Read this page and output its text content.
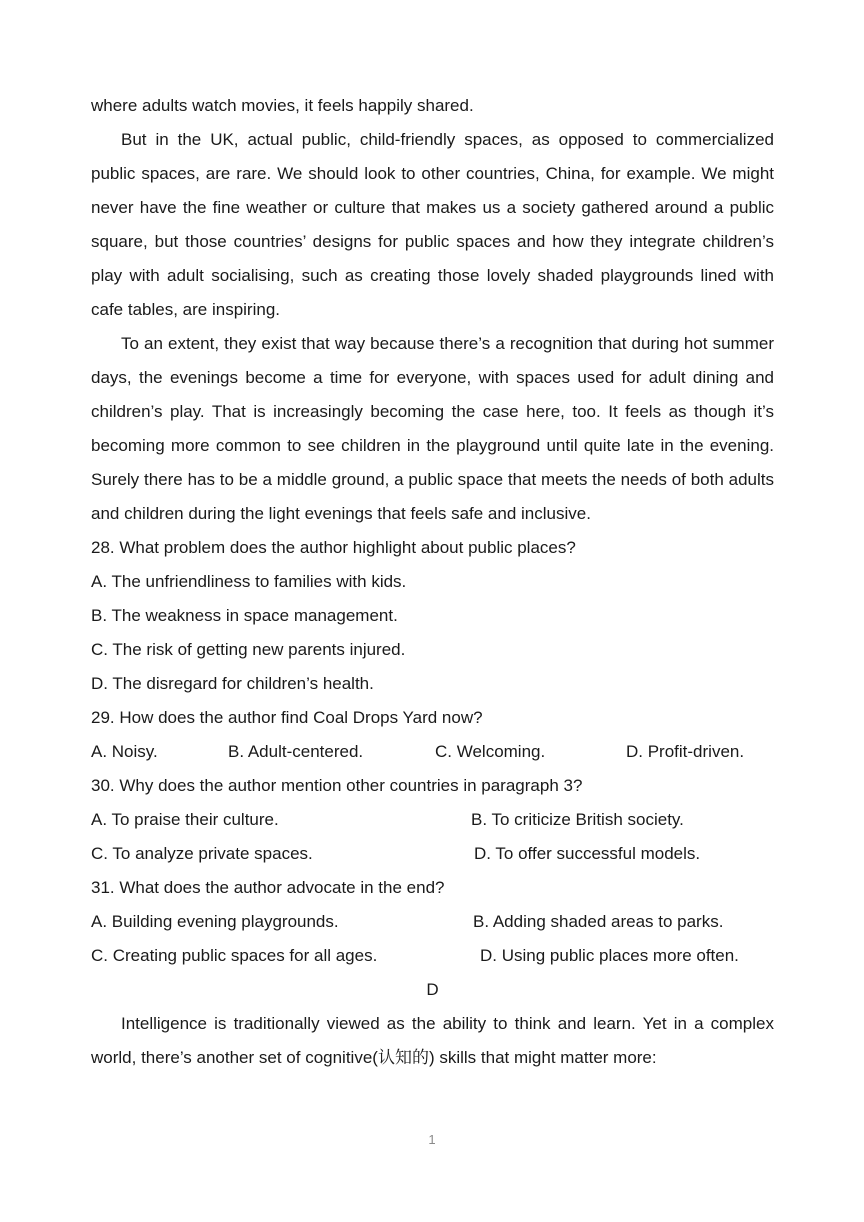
where adults watch movies, it feels happily shared.

But in the UK, actual public, child-friendly spaces, as opposed to commercialized public spaces, are rare. We should look to other countries, China, for example. We might never have the fine weather or culture that makes us a society gathered around a public square, but those countries’ designs for public spaces and how they integrate children’s play with adult socialising, such as creating those lovely shaded playgrounds lined with cafe tables, are inspiring.

To an extent, they exist that way because there’s a recognition that during hot summer days, the evenings become a time for everyone, with spaces used for adult dining and children’s play. That is increasingly becoming the case here, too. It feels as though it’s becoming more common to see children in the playground until quite late in the evening. Surely there has to be a middle ground, a public space that meets the needs of both adults and children during the light evenings that feels safe and inclusive.

28. What problem does the author highlight about public places?

A. The unfriendliness to families with kids.

B. The weakness in space management.

C. The risk of getting new parents injured.

D. The disregard for children’s health.

29. How does the author find Coal Drops Yard now?

A. Noisy.	B. Adult-centered.	C. Welcoming.	D. Profit-driven.

30. Why does the author mention other countries in paragraph 3?

A. To praise their culture.	B. To criticize British society.
C. To analyze private spaces.	D. To offer successful models.

31. What does the author advocate in the end?

A. Building evening playgrounds.	B. Adding shaded areas to parks.
C. Creating public spaces for all ages.	D. Using public places more often.

D

Intelligence is traditionally viewed as the ability to think and learn. Yet in a complex world, there’s another set of cognitive(认知的) skills that might matter more:

1
